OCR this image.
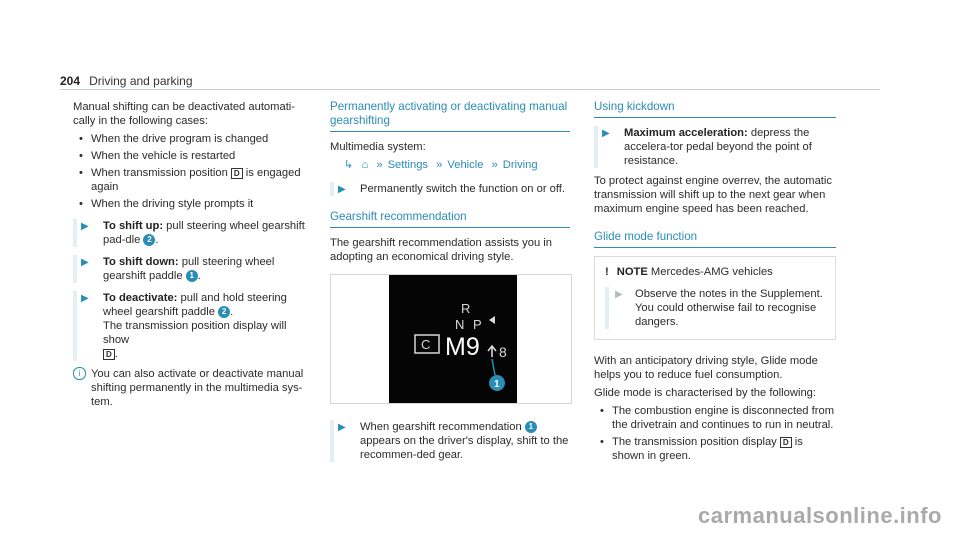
204 Driving and parking

Manual shifting can be deactivated automati-cally in the following cases:

• When the drive program is changed
• When the vehicle is restarted
• When transmission position D is engaged again
• When the driving style prompts it
▶ To shift up: pull steering wheel gearshift pad-dle 2 .
▶ To shift down: pull steering wheel gearshift paddle 1 .
▶ To deactivate: pull and hold steering wheel gearshift paddle 2 .
The transmission position display will show
D .
i You can also activate or deactivate manual shifting permanently in the multimedia sys-tem.
Permanently activating or deactivating manual gearshifting

Multimedia system:

↳ ⌂ » Settings » Vehicle » Driving
▶ Permanently switch the function on or off.
Gearshift recommendation

The gearshift recommendation assists you in adopting an economical driving style.

R
N P
C M9 8
1
▶ When gearshift recommendation 1 appears on the driver's display, shift to the recommen-ded gear.
Using kickdown
▶ Maximum acceleration: depress the accelera-tor pedal beyond the point of resistance.

To protect against engine overrev, the automatic transmission will shift up to the next gear when maximum engine speed has been reached.

Glide mode function
! NOTE Mercedes-AMG vehicles
▶ Observe the notes in the Supplement. You could otherwise fail to recognise dangers.

With an anticipatory driving style, Glide mode helps you to reduce fuel consumption.

Glide mode is characterised by the following:

• The combustion engine is disconnected from the drivetrain and continues to run in neutral.
• The transmission position display D is shown in green.
carmanualsonline.info
